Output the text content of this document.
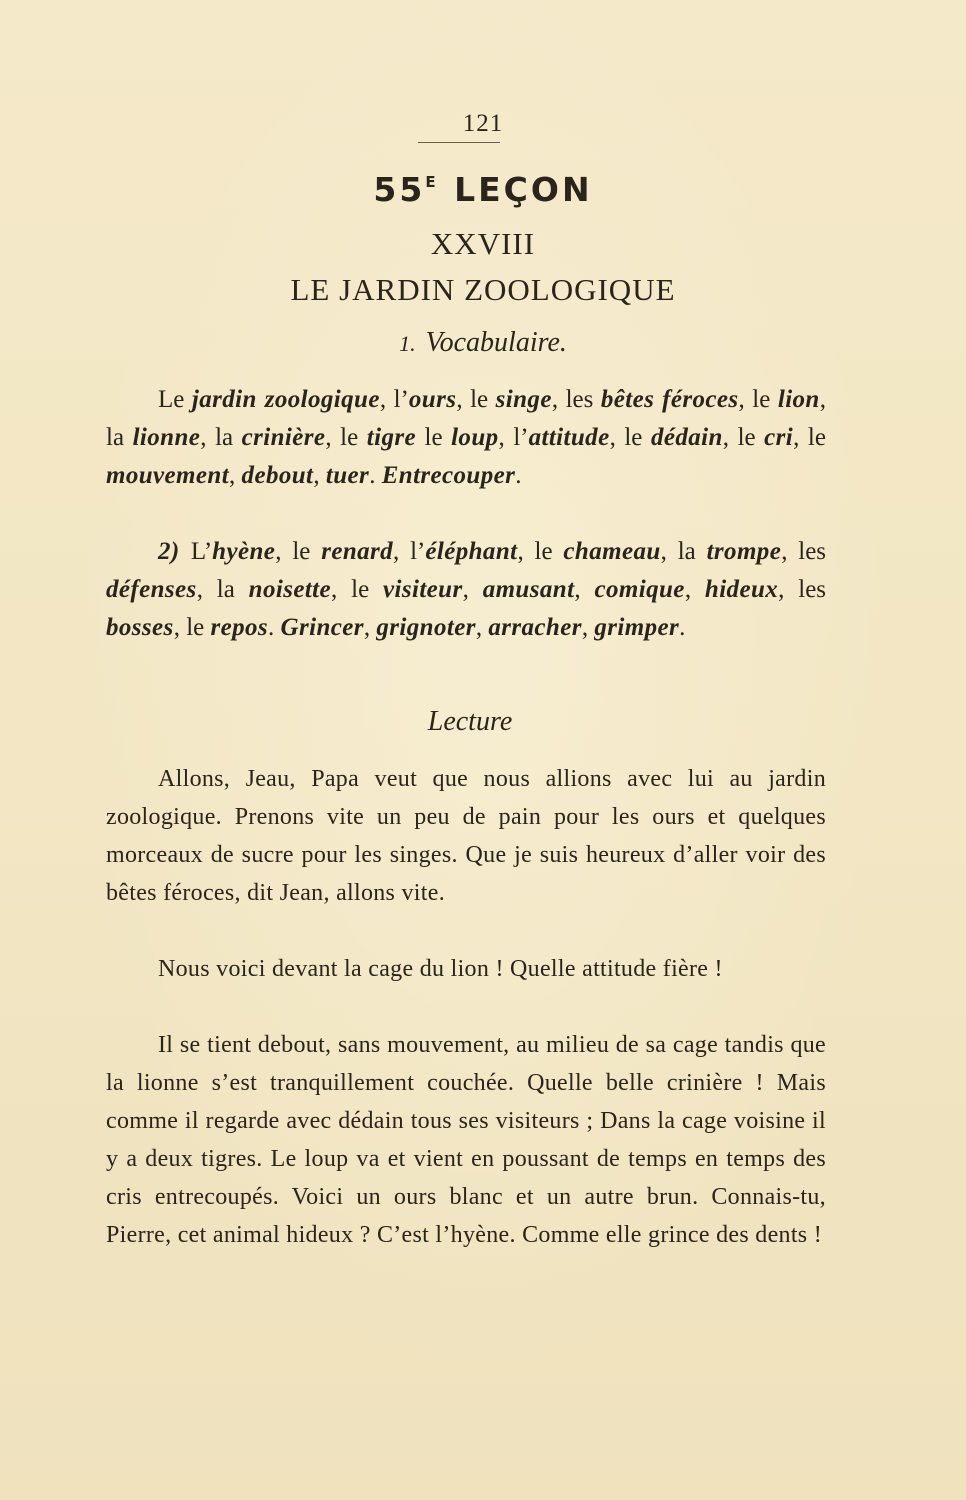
121
$55^E$ LEÇON
XXVIII
LE JARDIN ZOOLOGIQUE
1. Vocabulaire.
Le jardin zoologique, l’ours, le singe, les bêtes féroces, le lion, la lionne, la crinière, le tigre le loup, l’attitude, le dédain, le cri, le mouvement, debout, tuer. Entrecouper.
2) L’hyène, le renard, l’éléphant, le chameau, la trompe, les défenses, la noisette, le visiteur, amusant, comique, hideux, les bosses, le repos. Grincer, grignoter, arracher, grimper.
Lecture
Allons, Jeau, Papa veut que nous allions avec lui au jardin zoologique. Prenons vite un peu de pain pour les ours et quelques morceaux de sucre pour les singes. Que je suis heureux d’aller voir des bêtes féroces, dit Jean, allons vite.
Nous voici devant la cage du lion ! Quelle attitude fière !
Il se tient debout, sans mouvement, au milieu de sa cage tandis que la lionne s’est tranquillement couchée. Quelle belle crinière ! Mais comme il regarde avec dédain tous ses visiteurs ; Dans la cage voisine il y a deux tigres. Le loup va et vient en poussant de temps en temps des cris entrecoupés. Voici un ours blanc et un autre brun. Connais-tu, Pierre, cet animal hideux ? C’est l’hyène. Comme elle grince des dents !
